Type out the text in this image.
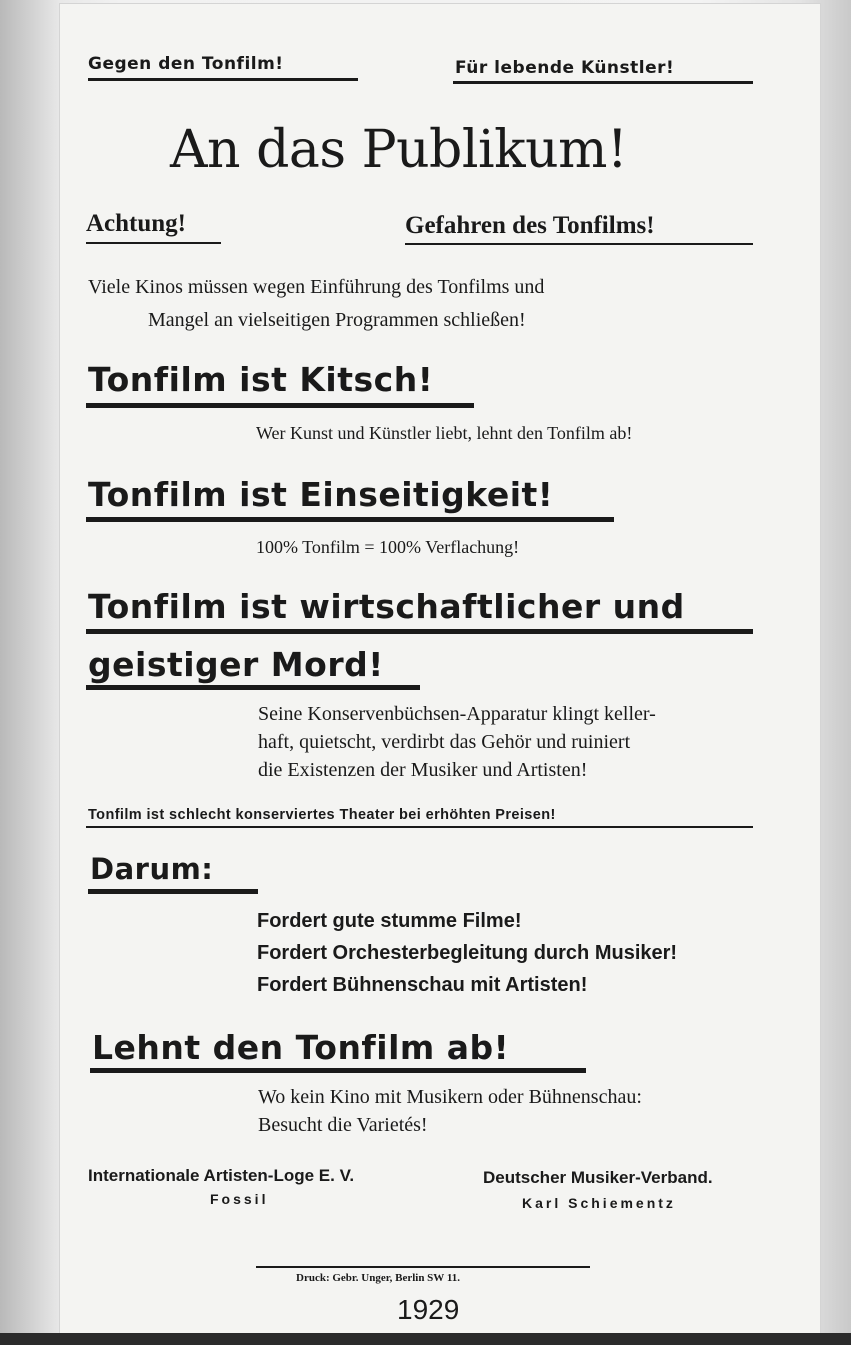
Gegen den Tonfilm!	Für lebende Künstler!
An das Publikum!
Achtung!	Gefahren des Tonfilms!
Viele Kinos müssen wegen Einführung des Tonfilms und
Mangel an vielseitigen Programmen schließen!
Tonfilm ist Kitsch!
Wer Kunst und Künstler liebt, lehnt den Tonfilm ab!
Tonfilm ist Einseitigkeit!
100% Tonfilm = 100% Verflachung!
Tonfilm ist wirtschaftlicher und
geistiger Mord!
Seine Konservenbüchsen-Apparatur klingt keller-
haft, quietscht, verdirbt das Gehör und ruiniert
die Existenzen der Musiker und Artisten!
Tonfilm ist schlecht konserviertes Theater bei erhöhten Preisen!
Darum:
Fordert gute stumme Filme!
Fordert Orchesterbegleitung durch Musiker!
Fordert Bühnenschau mit Artisten!
Lehnt den Tonfilm ab!
Wo kein Kino mit Musikern oder Bühnenschau:
Besucht die Varietés!
Internationale Artisten-Loge E. V.
Fossil
Deutscher Musiker-Verband.
Karl Schiementz
Druck: Gebr. Unger, Berlin SW 11.
1929
